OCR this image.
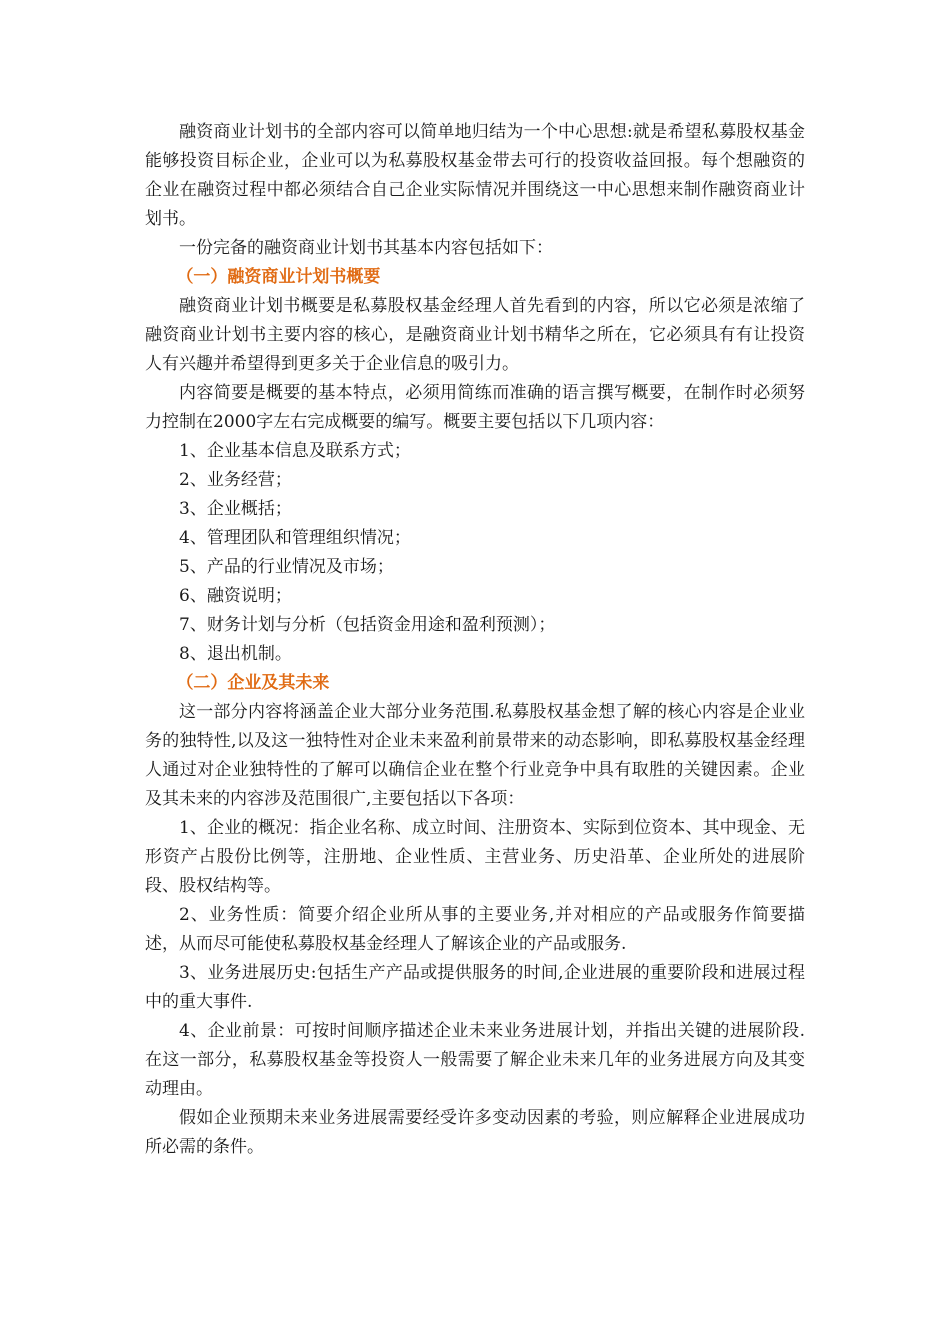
融资商业计划书的全部内容可以简单地归结为一个中心思想:就是希望私募股权基金能够投资目标企业，企业可以为私募股权基金带去可行的投资收益回报。每个想融资的企业在融资过程中都必须结合自己企业实际情况并围绕这一中心思想来制作融资商业计划书。

一份完备的融资商业计划书其基本内容包括如下：

（一）融资商业计划书概要

融资商业计划书概要是私募股权基金经理人首先看到的内容，所以它必须是浓缩了融资商业计划书主要内容的核心，是融资商业计划书精华之所在，它必须具有有让投资人有兴趣并希望得到更多关于企业信息的吸引力。

内容简要是概要的基本特点，必须用简练而准确的语言撰写概要，在制作时必须努力控制在2000字左右完成概要的编写。概要主要包括以下几项内容：

1、企业基本信息及联系方式；

2、业务经营；

3、企业概括；

4、管理团队和管理组织情况；

5、产品的行业情况及市场；

6、融资说明；

7、财务计划与分析（包括资金用途和盈利预测）；

8、退出机制。

（二）企业及其未来

这一部分内容将涵盖企业大部分业务范围.私募股权基金想了解的核心内容是企业业务的独特性,以及这一独特性对企业未来盈利前景带来的动态影响，即私募股权基金经理人通过对企业独特性的了解可以确信企业在整个行业竞争中具有取胜的关键因素。企业及其未来的内容涉及范围很广,主要包括以下各项：

1、企业的概况：指企业名称、成立时间、注册资本、实际到位资本、其中现金、无形资产占股份比例等，注册地、企业性质、主营业务、历史沿革、企业所处的进展阶段、股权结构等。

2、业务性质：简要介绍企业所从事的主要业务,并对相应的产品或服务作简要描述，从而尽可能使私募股权基金经理人了解该企业的产品或服务.

3、业务进展历史:包括生产产品或提供服务的时间,企业进展的重要阶段和进展过程中的重大事件.

4、企业前景：可按时间顺序描述企业未来业务进展计划，并指出关键的进展阶段.在这一部分，私募股权基金等投资人一般需要了解企业未来几年的业务进展方向及其变动理由。

假如企业预期未来业务进展需要经受许多变动因素的考验，则应解释企业进展成功所必需的条件。
